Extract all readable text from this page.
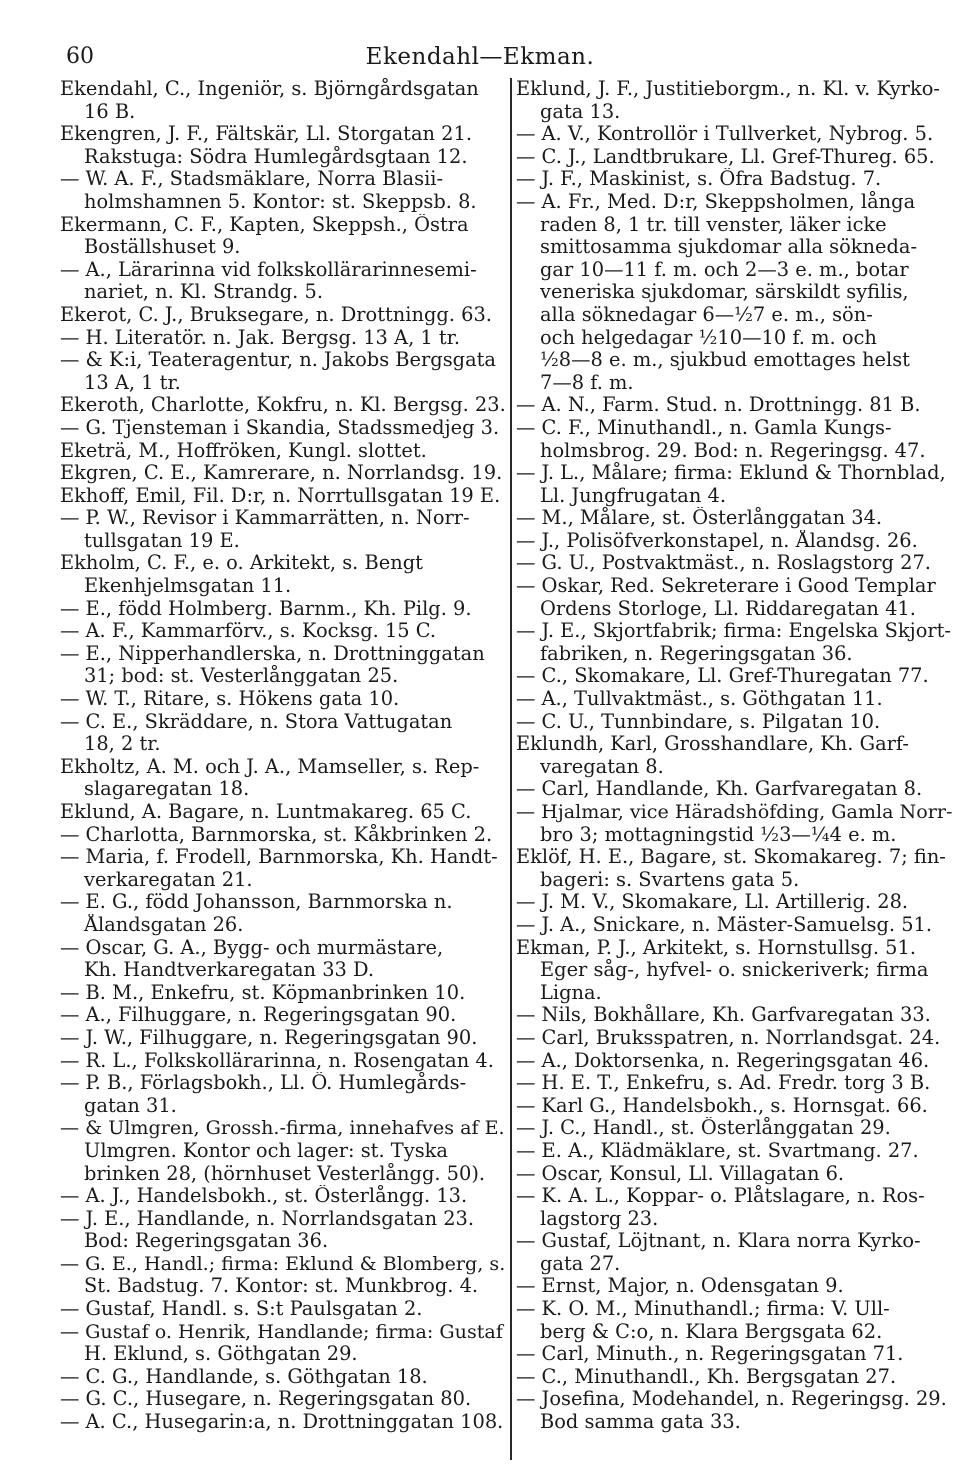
60	Ekendahl—Ekman.

Ekendahl, C., Ingeniör, s. Björngårdsgatan

16 B.

Ekengren, J. F., Fältskär, Ll. Storgatan 21.

Rakstuga: Södra Humlegårdsgtaan 12.

— W. A. F., Stadsmäklare, Norra Blasii-

holmshamnen 5. Kontor: st. Skeppsb. 8.

Ekermann, C. F., Kapten, Skeppsh., Östra

Boställshuset 9.

— A., Lärarinna vid folkskollärarinnesemi-

nariet, n. Kl. Strandg. 5.

Ekerot, C. J., Bruksegare, n. Drottningg. 63.

— H. Literatör. n. Jak. Bergsg. 13 A, 1 tr.

— & K:i, Teateragentur, n. Jakobs Bergsgata

13 A, 1 tr.

Ekeroth, Charlotte, Kokfru, n. Kl. Bergsg. 23.

— G. Tjensteman i Skandia, Stadssmedjeg 3.

Eketrä, M., Hoffröken, Kungl. slottet.

Ekgren, C. E., Kamrerare, n. Norrlandsg. 19.

Ekhoff, Emil, Fil. D:r, n. Norrtullsgatan 19 E.

— P. W., Revisor i Kammarrätten, n. Norr-

tullsgatan 19 E.

Ekholm, C. F., e. o. Arkitekt, s. Bengt

Ekenhjelmsgatan 11.

— E., född Holmberg. Barnm., Kh. Pilg. 9.

— A. F., Kammarförv., s. Kocksg. 15 C.

— E., Nipperhandlerska, n. Drottninggatan

31; bod: st. Vesterlånggatan 25.

— W. T., Ritare, s. Hökens gata 10.

— C. E., Skräddare, n. Stora Vattugatan

18, 2 tr.

Ekholtz, A. M. och J. A., Mamseller, s. Rep-

slagaregatan 18.

Eklund, A. Bagare, n. Luntmakareg. 65 C.

— Charlotta, Barnmorska, st. Kåkbrinken 2.

— Maria, f. Frodell, Barnmorska, Kh. Handt-

verkaregatan 21.

— E. G., född Johansson, Barnmorska n.

Ålandsgatan 26.

— Oscar, G. A., Bygg- och murmästare,

Kh. Handtverkaregatan 33 D.

— B. M., Enkefru, st. Köpmanbrinken 10.

— A., Filhuggare, n. Regeringsgatan 90.

— J. W., Filhuggare, n. Regeringsgatan 90.

— R. L., Folkskollärarinna, n. Rosengatan 4.

— P. B., Förlagsbokh., Ll. Ö. Humlegårds-

gatan 31.

— & Ulmgren, Grossh.-firma, innehafves af E.

Ulmgren. Kontor och lager: st. Tyska

brinken 28, (hörnhuset Vesterlångg. 50).

— A. J., Handelsbokh., st. Österlångg. 13.

— J. E., Handlande, n. Norrlandsgatan 23.

Bod: Regeringsgatan 36.

— G. E., Handl.; firma: Eklund & Blomberg, s.

St. Badstug. 7. Kontor: st. Munkbrog. 4.

— Gustaf, Handl. s. S:t Paulsgatan 2.

— Gustaf o. Henrik, Handlande; firma: Gustaf

H. Eklund, s. Göthgatan 29.

— C. G., Handlande, s. Göthgatan 18.

— G. C., Husegare, n. Regeringsgatan 80.

— A. C., Husegarin:a, n. Drottninggatan 108.

Eklund, J. F., Justitieborgm., n. Kl. v. Kyrko-

gata 13.

— A. V., Kontrollör i Tullverket, Nybrog. 5.

— C. J., Landtbrukare, Ll. Gref-Thureg. 65.

— J. F., Maskinist, s. Öfra Badstug. 7.

— A. Fr., Med. D:r, Skeppsholmen, långa

raden 8, 1 tr. till venster, läker icke

smittosamma sjukdomar alla sökneda-

gar 10—11 f. m. och 2—3 e. m., botar

veneriska sjukdomar, särskildt syfilis,

alla söknedagar 6—½7 e. m., sön-

och helgedagar ½10—10 f. m. och

½8—8 e. m., sjukbud emottages helst

7—8 f. m.

— A. N., Farm. Stud. n. Drottningg. 81 B.

— C. F., Minuthandl., n. Gamla Kungs-

holmsbrog. 29. Bod: n. Regeringsg. 47.

— J. L., Målare; firma: Eklund & Thornblad,

Ll. Jungfrugatan 4.

— M., Målare, st. Österlånggatan 34.

— J., Polisöfverkonstapel, n. Ålandsg. 26.

— G. U., Postvaktmäst., n. Roslagstorg 27.

— Oskar, Red. Sekreterare i Good Templar

Ordens Storloge, Ll. Riddaregatan 41.

— J. E., Skjortfabrik; firma: Engelska Skjort-

fabriken, n. Regeringsgatan 36.

— C., Skomakare, Ll. Gref-Thuregatan 77.

— A., Tullvaktmäst., s. Göthgatan 11.

— C. U., Tunnbindare, s. Pilgatan 10.

Eklundh, Karl, Grosshandlare, Kh. Garf-

varegatan 8.

— Carl, Handlande, Kh. Garfvaregatan 8.

— Hjalmar, vice Häradshöfding, Gamla Norr-

bro 3; mottagningstid ½3—¼4 e. m.

Eklöf, H. E., Bagare, st. Skomakareg. 7; fin-

bageri: s. Svartens gata 5.

— J. M. V., Skomakare, Ll. Artillerig. 28.

— J. A., Snickare, n. Mäster-Samuelsg. 51.

Ekman, P. J., Arkitekt, s. Hornstullsg. 51.

Eger såg-, hyfvel- o. snickeriverk; firma

Ligna.

— Nils, Bokhållare, Kh. Garfvaregatan 33.

— Carl, Bruksspatren, n. Norrlandsgat. 24.

— A., Doktorsenka, n. Regeringsgatan 46.

— H. E. T., Enkefru, s. Ad. Fredr. torg 3 B.

— Karl G., Handelsbokh., s. Hornsgat. 66.

— J. C., Handl., st. Österlånggatan 29.

— E. A., Klädmäklare, st. Svartmang. 27.

— Oscar, Konsul, Ll. Villagatan 6.

— K. A. L., Koppar- o. Plåtslagare, n. Ros-

lagstorg 23.

— Gustaf, Löjtnant, n. Klara norra Kyrko-

gata 27.

— Ernst, Major, n. Odensgatan 9.

— K. O. M., Minuthandl.; firma: V. Ull-

berg & C:o, n. Klara Bergsgata 62.

— Carl, Minuth., n. Regeringsgatan 71.

— C., Minuthandl., Kh. Bergsgatan 27.

— Josefina, Modehandel, n. Regeringsg. 29.

Bod samma gata 33.
